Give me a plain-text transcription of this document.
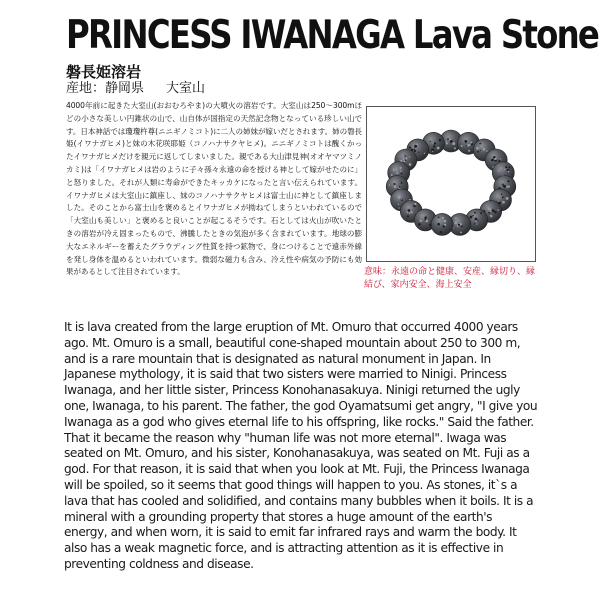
PRINCESS IWANAGA Lava Stone
磐長姫溶岩
産地：静岡県 大室山
4000年前に起きた大室山(おおむろやま)の大噴火の溶岩です。大室山は250～300mほどの小さな美しい円錐状の山で、山自体が国指定の天然記念物となっている珍しい山です。日本神話では瓊瓊杵尊(ニニギノミコト)に二人の姉妹が嫁いだとされます。姉の磐長姫(イワナガヒメ)と妹の木花咲耶姫（コノハナサクヤヒメ)。ニニギノミコトは醜くかったイワナガヒメだけを親元に返してしまいました。親である大山津見神(オオヤマツミノカミ)は「イワナガヒメは岩のように子々孫々永遠の命を授ける神として嫁がせたのに」と怒りました。それが人類に寿命ができたキッカケになったと言い伝えられています。イワナガヒメは大室山に鎮座し、妹のコノハナサクヤヒメは富士山に神として鎮座しました。そのことから富士山を褒めるとイワナガヒメが拗ねてしまうといわれているので「大室山も美しい」と褒めると良いことが起こるそうです。石としては火山が吹いたときの溶岩が冷え固まったもので、沸騰したときの気泡が多く含まれています。地球の膨大なエネルギーを蓄えたグラウディング性質を持つ鉱物で、身につけることで遠赤外線を発し身体を温めるといわれています。微弱な磁力も含み、冷え性や病気の予防にも効果があるとして注目されています。	意味：永遠の命と健康、安産、縁切り、縁結び、家内安全、海上安全
It is lava created from the large eruption of Mt. Omuro that occurred 4000 years ago. Mt. Omuro is a small, beautiful cone-shaped mountain about 250 to 300 m, and is a rare mountain that is designated as natural monument in Japan. In Japanese mythology, it is said that two sisters were married to Ninigi. Princess Iwanaga, and her little sister, Princess Konohanasakuya. Ninigi returned the ugly one, Iwanaga, to his parent. The father, the god Oyamatsumi get angry, "I give you Iwanaga as a god who gives eternal life to his offspring, like rocks." Said the father. That it became the reason why "human life was not more eternal". Iwaga was seated on Mt. Omuro, and his sister, Konohanasakuya, was seated on Mt. Fuji as a god. For that reason, it is said that when you look at Mt. Fuji, the Princess Iwanaga will be spoiled, so it seems that good things will happen to you. As stones, it`s a lava that has cooled and solidified, and contains many bubbles when it boils. It is a mineral with a grounding property that stores a huge amount of the earth's energy, and when worn, it is said to emit far infrared rays and warm the body. It also has a weak magnetic force, and is attracting attention as it is effective in preventing coldness and disease.
